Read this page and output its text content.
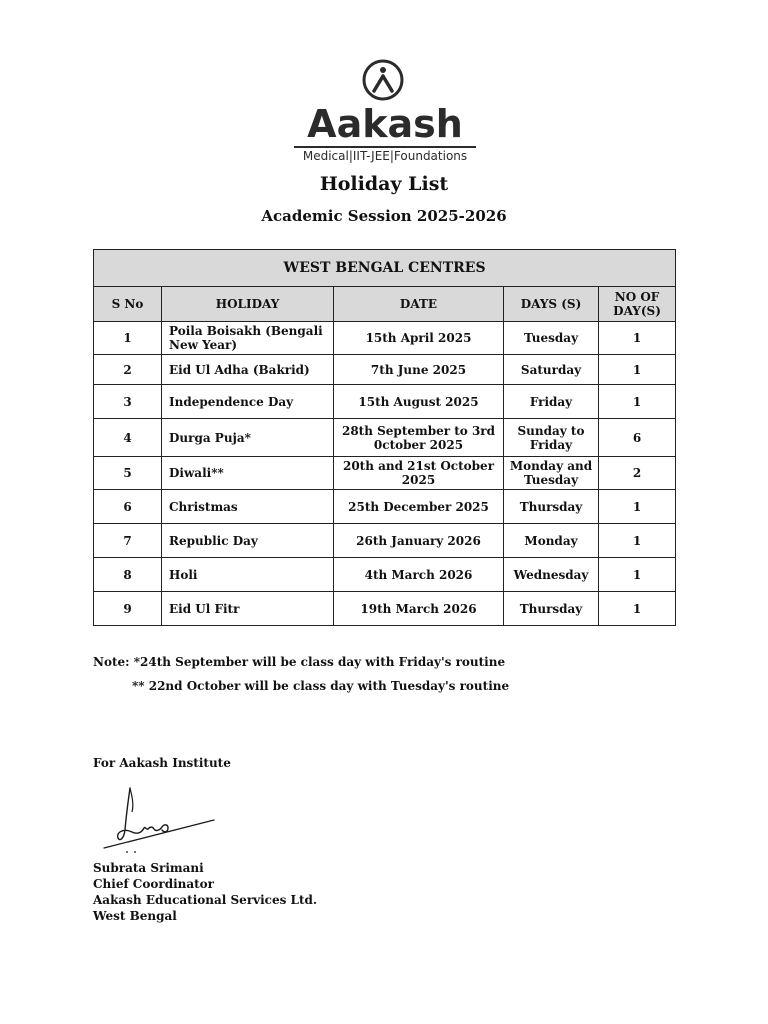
Aakash
Medical|IIT-JEE|Foundations
Holiday List
Academic Session 2025-2026
WEST BENGAL CENTRES				
S No	HOLIDAY	DATE	DAYS (S)	NO OF DAY(S)
1	Poila Boisakh (Bengali New Year)	15th April 2025	Tuesday	1
2	Eid Ul Adha (Bakrid)	7th June 2025	Saturday	1
3	Independence Day	15th August 2025	Friday	1
4	Durga Puja*	28th September to 3rd 0ctober 2025	Sunday to Friday	6
5	Diwali**	20th and 21st October 2025	Monday and Tuesday	2
6	Christmas	25th December 2025	Thursday	1
7	Republic Day	26th January 2026	Monday	1
8	Holi	4th March 2026	Wednesday	1
9	Eid Ul Fitr	19th March 2026	Thursday	1
Note: *24th September will be class day with Friday's routine
** 22nd October will be class day with Tuesday's routine
For Aakash Institute
Subrata Srimani
Chief Coordinator
Aakash Educational Services Ltd.
West Bengal
